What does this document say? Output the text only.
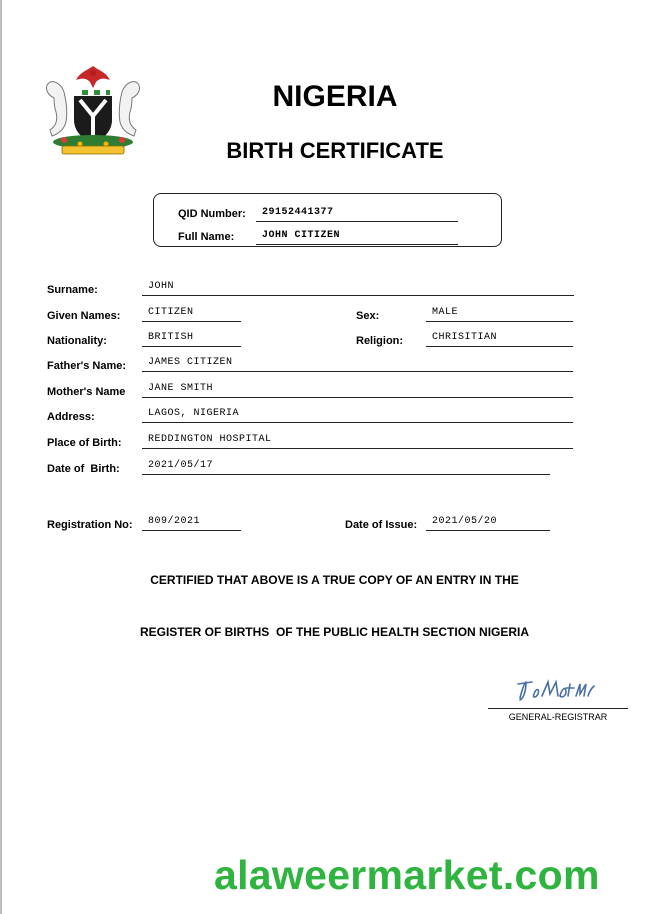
NIGERIA
BIRTH CERTIFICATE
QID Number:	29152441377
Full Name:	JOHN CITIZEN
Surname:	JOHN
Given Names:	CITIZEN	Sex:	MALE
Nationality:	BRITISH	Religion:	CHRISITIAN
Father's Name:	JAMES CITIZEN
Mother's Name	JANE SMITH
Address:	LAGOS, NIGERIA
Place of Birth:	REDDINGTON HOSPITAL
Date of  Birth:	2021/05/17
Registration No:	809/2021	Date of Issue:	2021/05/20
CERTIFIED THAT ABOVE IS A TRUE COPY OF AN ENTRY IN THE
REGISTER OF BIRTHS  OF THE PUBLIC HEALTH SECTION NIGERIA
GENERAL-REGISTRAR
alaweermarket.com
